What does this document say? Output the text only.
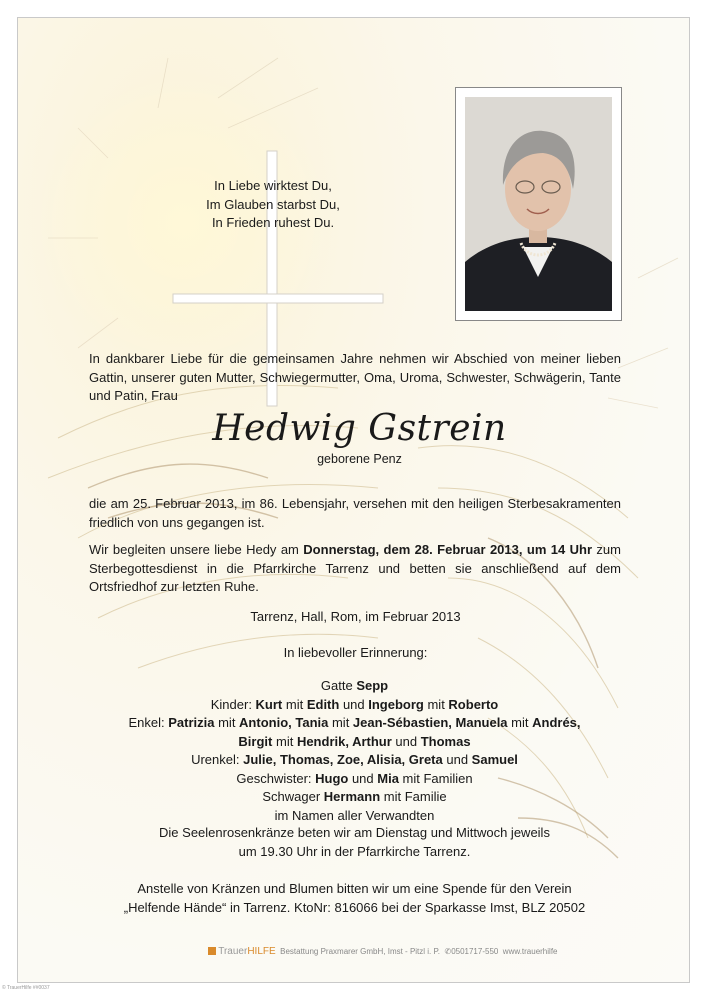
In Liebe wirktest Du,
Im Glauben starbst Du,
In Frieden ruhest Du.
In dankbarer Liebe für die gemeinsamen Jahre nehmen wir Abschied von meiner lieben Gattin, unserer guten Mutter, Schwiegermutter, Oma, Uroma, Schwester, Schwägerin, Tante und Patin, Frau
Hedwig Gstrein
geborene Penz
die am 25. Februar 2013, im 86. Lebensjahr, versehen mit den heiligen Sterbesakramenten friedlich von uns gegangen ist.
Wir begleiten unsere liebe Hedy am Donnerstag, dem 28. Februar 2013, um 14 Uhr zum Sterbegottesdienst in die Pfarrkirche Tarrenz und betten sie anschließend auf dem Ortsfriedhof zur letzten Ruhe.
Tarrenz, Hall, Rom, im Februar 2013
In liebevoller Erinnerung:
Gatte Sepp
Kinder: Kurt mit Edith und Ingeborg mit Roberto
Enkel: Patrizia mit Antonio, Tania mit Jean-Sébastien, Manuela mit Andrés,
Birgit mit Hendrik, Arthur und Thomas
Urenkel: Julie, Thomas, Zoe, Alisia, Greta und Samuel
Geschwister: Hugo und Mia mit Familien
Schwager Hermann mit Familie
im Namen aller Verwandten
Die Seelenrosenkränze beten wir am Dienstag und Mittwoch jeweils
um 19.30 Uhr in der Pfarrkirche Tarrenz.
Anstelle von Kränzen und Blumen bitten wir um eine Spende für den Verein
„Helfende Hände“ in Tarrenz. KtoNr: 816066 bei der Sparkasse Imst, BLZ 20502
TrauerHILFE Bestattung Praxmarer GmbH, Imst - Pitzl i. P. ✆0501717-550 www.trauerhilfe
© TrauerHilfe ##0037
